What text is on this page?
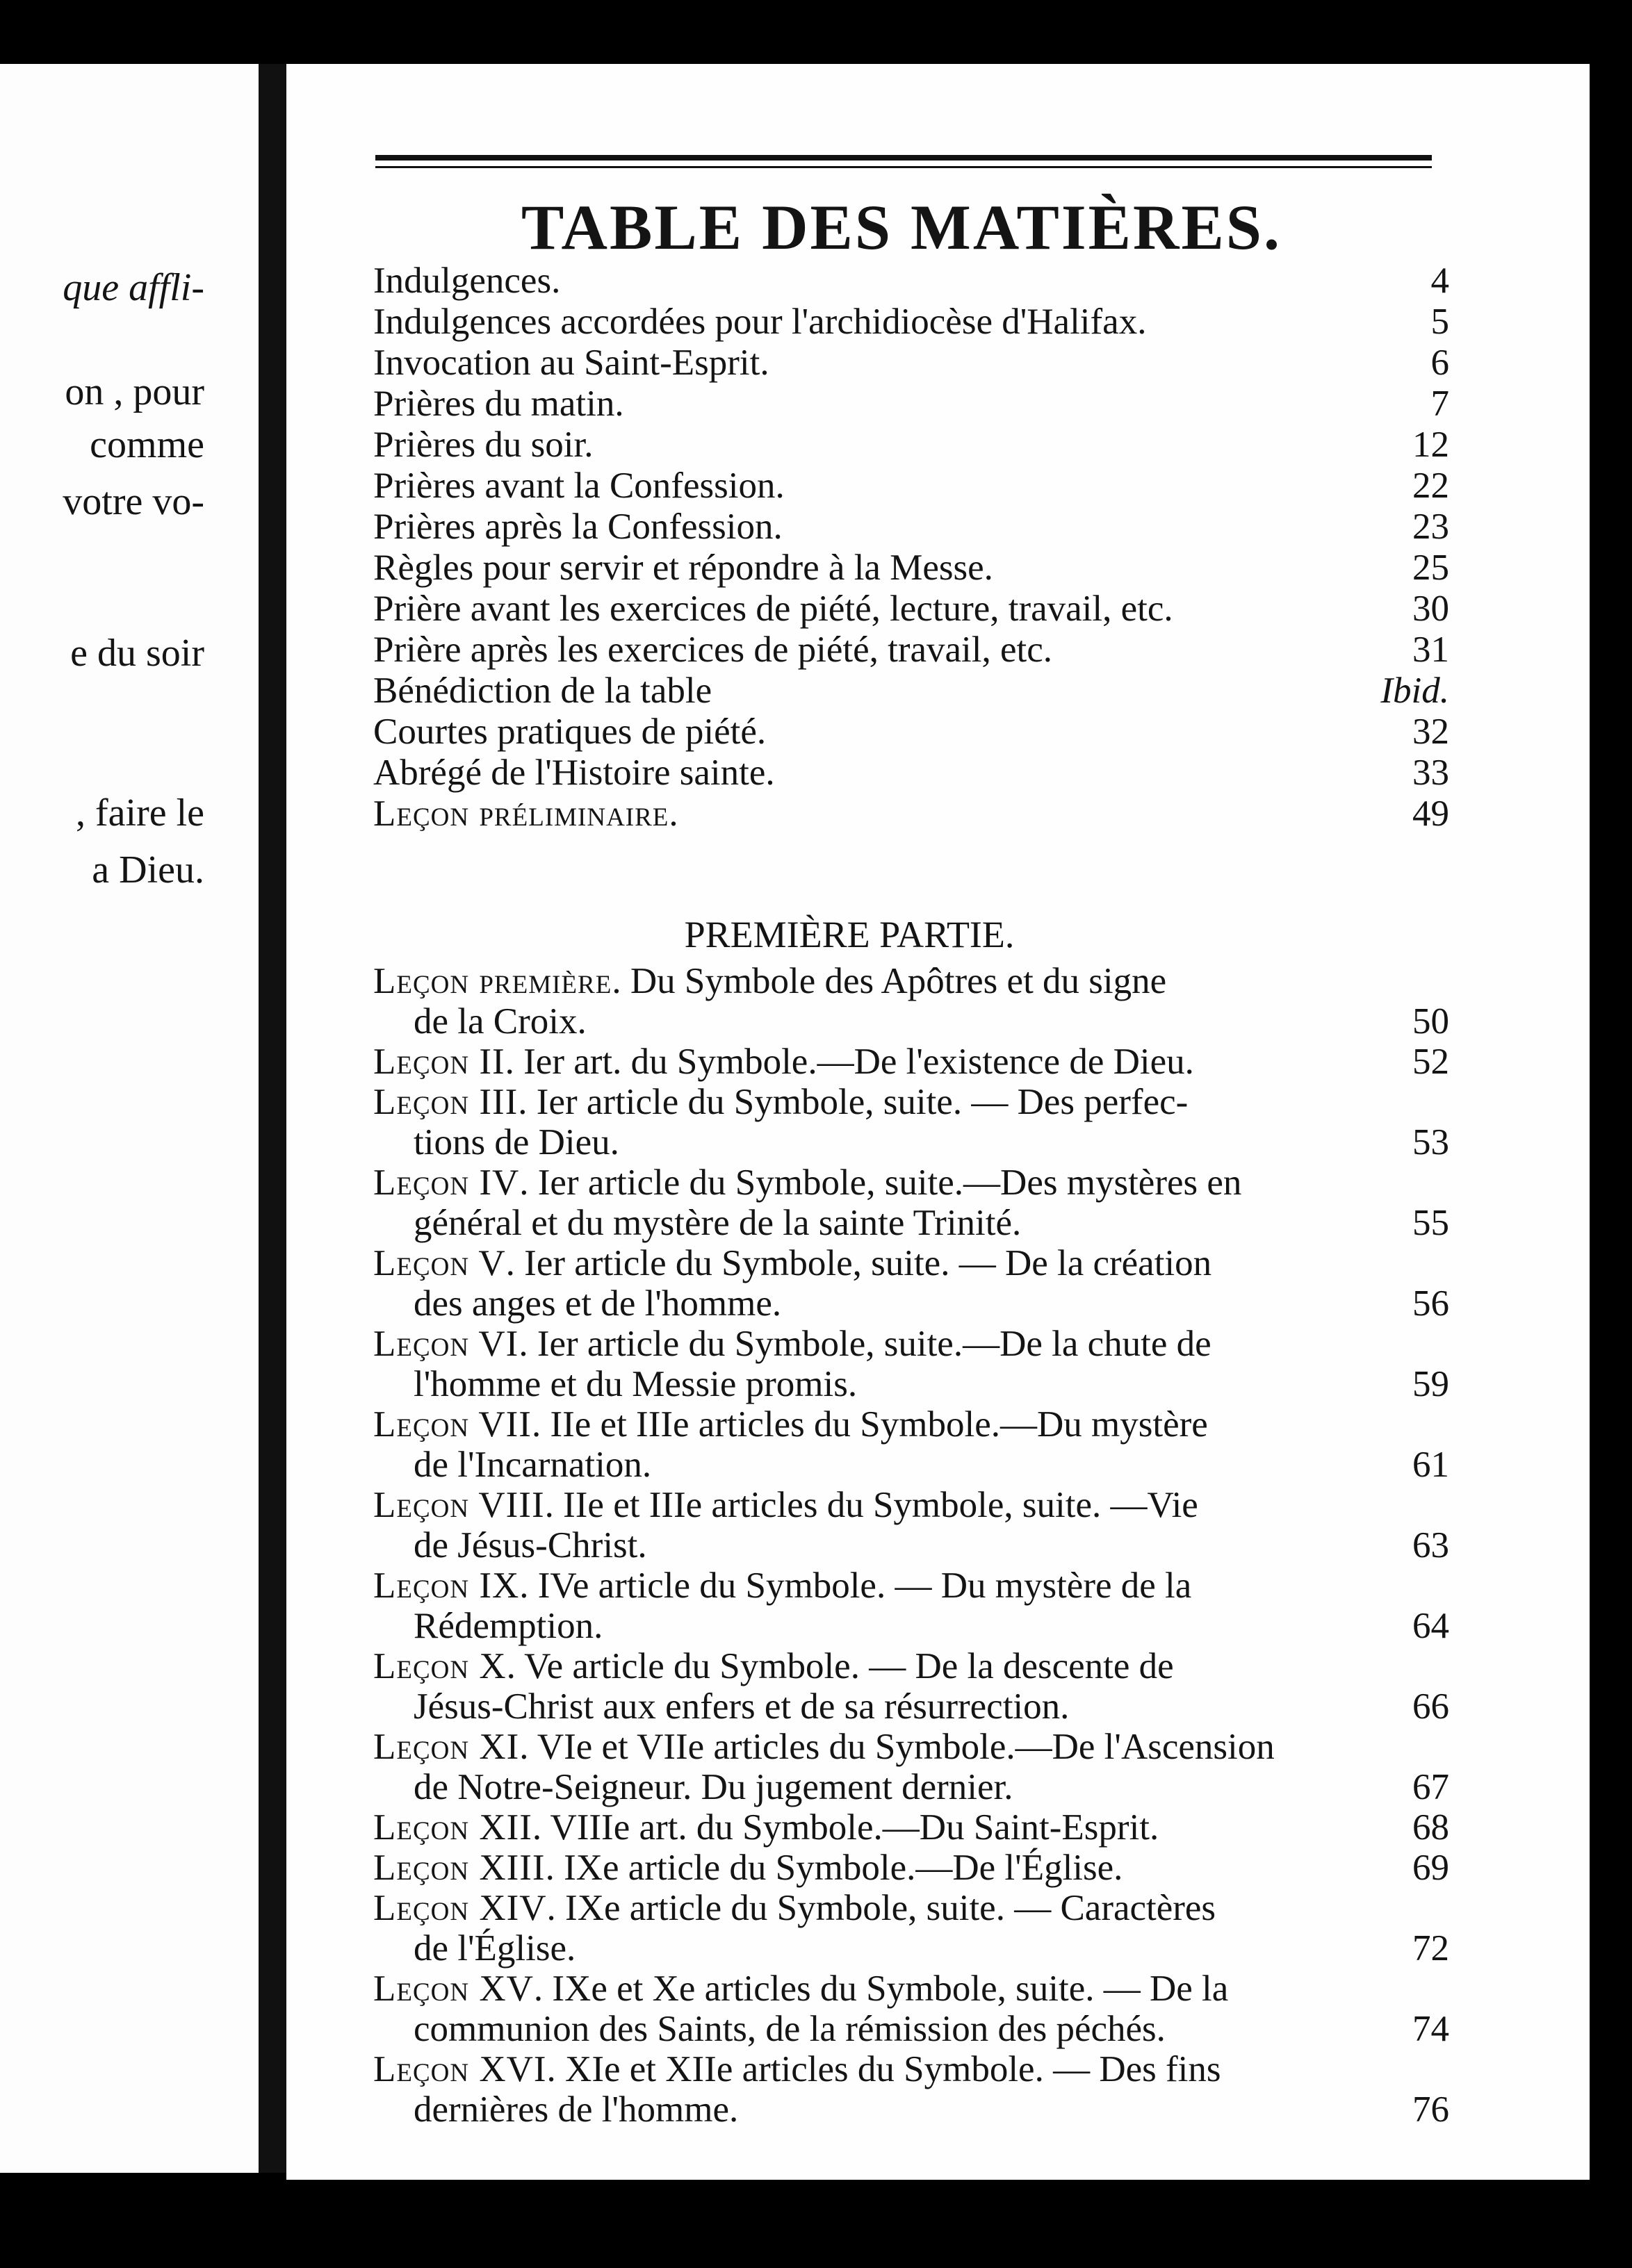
que affli-
on , pour
comme
votre vo-
e du soir
, faire le
a Dieu.
TABLE DES MATIÈRES.
Indulgences.	4
Indulgences accordées pour l'archidiocèse d'Halifax.	5
Invocation au Saint-Esprit.	6
Prières du matin.	7
Prières du soir.	12
Prières avant la Confession.	22
Prières après la Confession.	23
Règles pour servir et répondre à la Messe.	25
Prière avant les exercices de piété, lecture, travail, etc.	30
Prière après les exercices de piété, travail, etc.	31
Bénédiction de la table	Ibid.
Courtes pratiques de piété.	32
Abrégé de l'Histoire sainte.	33
Leçon préliminaire.	49
PREMIÈRE PARTIE.
Leçon première. Du Symbole des Apôtres et du signe
de la Croix.	50
Leçon II. Ier art. du Symbole.—De l'existence de Dieu.	52
Leçon III. Ier article du Symbole, suite. — Des perfec-
tions de Dieu.	53
Leçon IV. Ier article du Symbole, suite.—Des mystères en
général et du mystère de la sainte Trinité.	55
Leçon V. Ier article du Symbole, suite. — De la création
des anges et de l'homme.	56
Leçon VI. Ier article du Symbole, suite.—De la chute de
l'homme et du Messie promis.	59
Leçon VII. IIe et IIIe articles du Symbole.—Du mystère
de l'Incarnation.	61
Leçon VIII. IIe et IIIe articles du Symbole, suite. —Vie
de Jésus-Christ.	63
Leçon IX. IVe article du Symbole. — Du mystère de la
Rédemption.	64
Leçon X. Ve article du Symbole. — De la descente de
Jésus-Christ aux enfers et de sa résurrection.	66
Leçon XI. VIe et VIIe articles du Symbole.—De l'Ascension
de Notre-Seigneur. Du jugement dernier.	67
Leçon XII. VIIIe art. du Symbole.—Du Saint-Esprit.	68
Leçon XIII. IXe article du Symbole.—De l'Église.	69
Leçon XIV. IXe article du Symbole, suite. — Caractères
de l'Église.	72
Leçon XV. IXe et Xe articles du Symbole, suite. — De la
communion des Saints, de la rémission des péchés.	74
Leçon XVI. XIe et XIIe articles du Symbole. — Des fins
dernières de l'homme.	76
